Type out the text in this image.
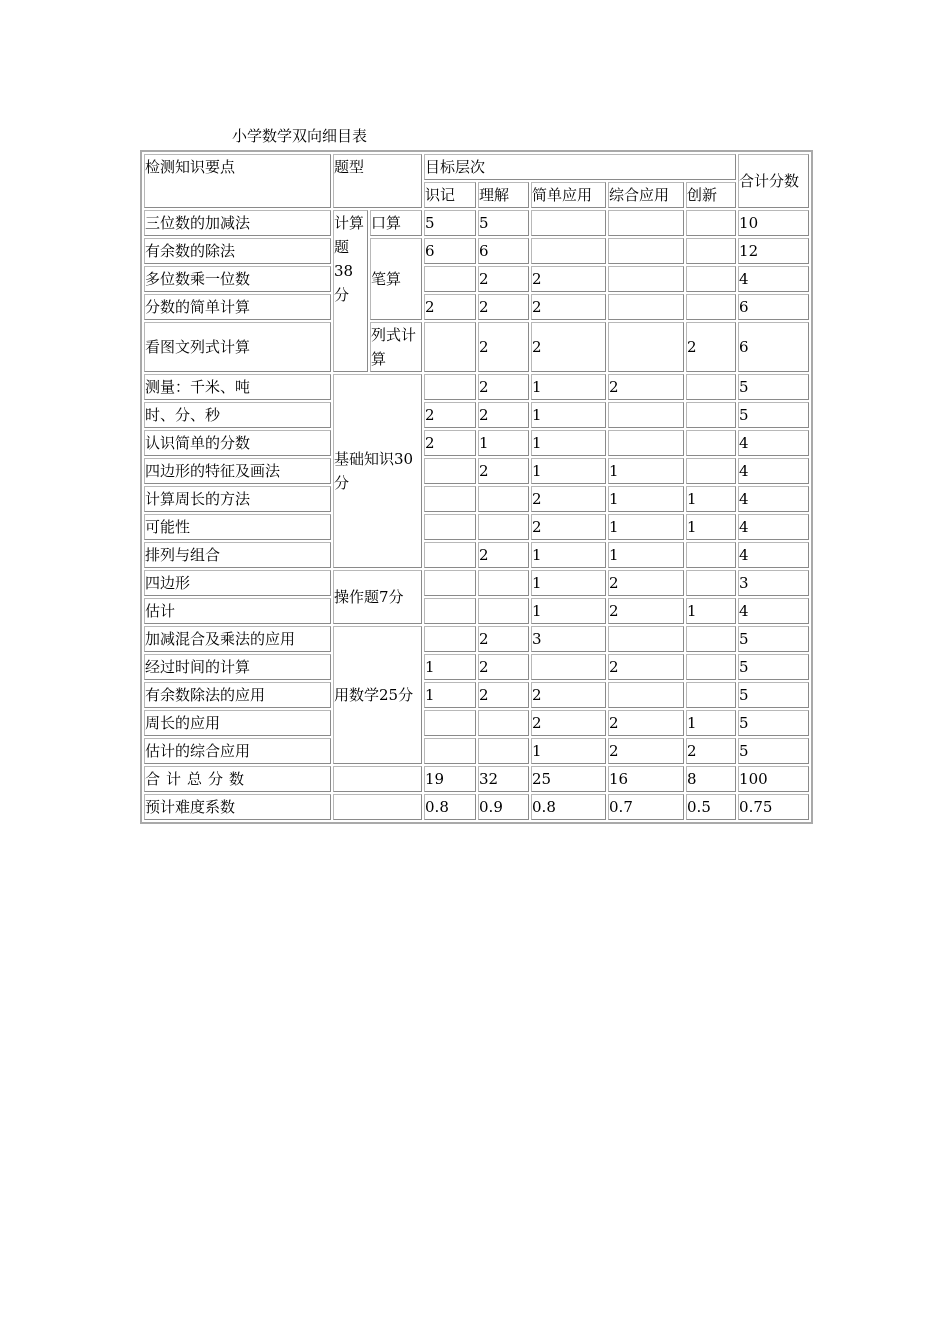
小学数学双向细目表
检测知识要点	题型		目标层次					合计分数
			识记	理解	简单应用	综合应用	创新	
三位数的加减法	计算题38分	口算	5	5				10
有余数的除法		笔算	6	6				12
多位数乘一位数				2	2			4
分数的简单计算			2	2	2			6
看图文列式计算		列式计算		2	2		2	6
测量：千米、吨	基础知识30分			2	1	2		5
时、分、秒			2	2	1			5
认识简单的分数			2	1	1			4
四边形的特征及画法				2	1	1		4
计算周长的方法					2	1	1	4
可能性					2	1	1	4
排列与组合				2	1	1		4
四边形	操作题7分				1	2		3
估计					1	2	1	4
加减混合及乘法的应用	用数学25分			2	3			5
经过时间的计算			1	2		2		5
有余数除法的应用			1	2	2			5
周长的应用					2	2	1	5
估计的综合应用					1	2	2	5
合计总分数			19	32	25	16	8	100
预计难度系数			0.8	0.9	0.8	0.7	0.5	0.75
